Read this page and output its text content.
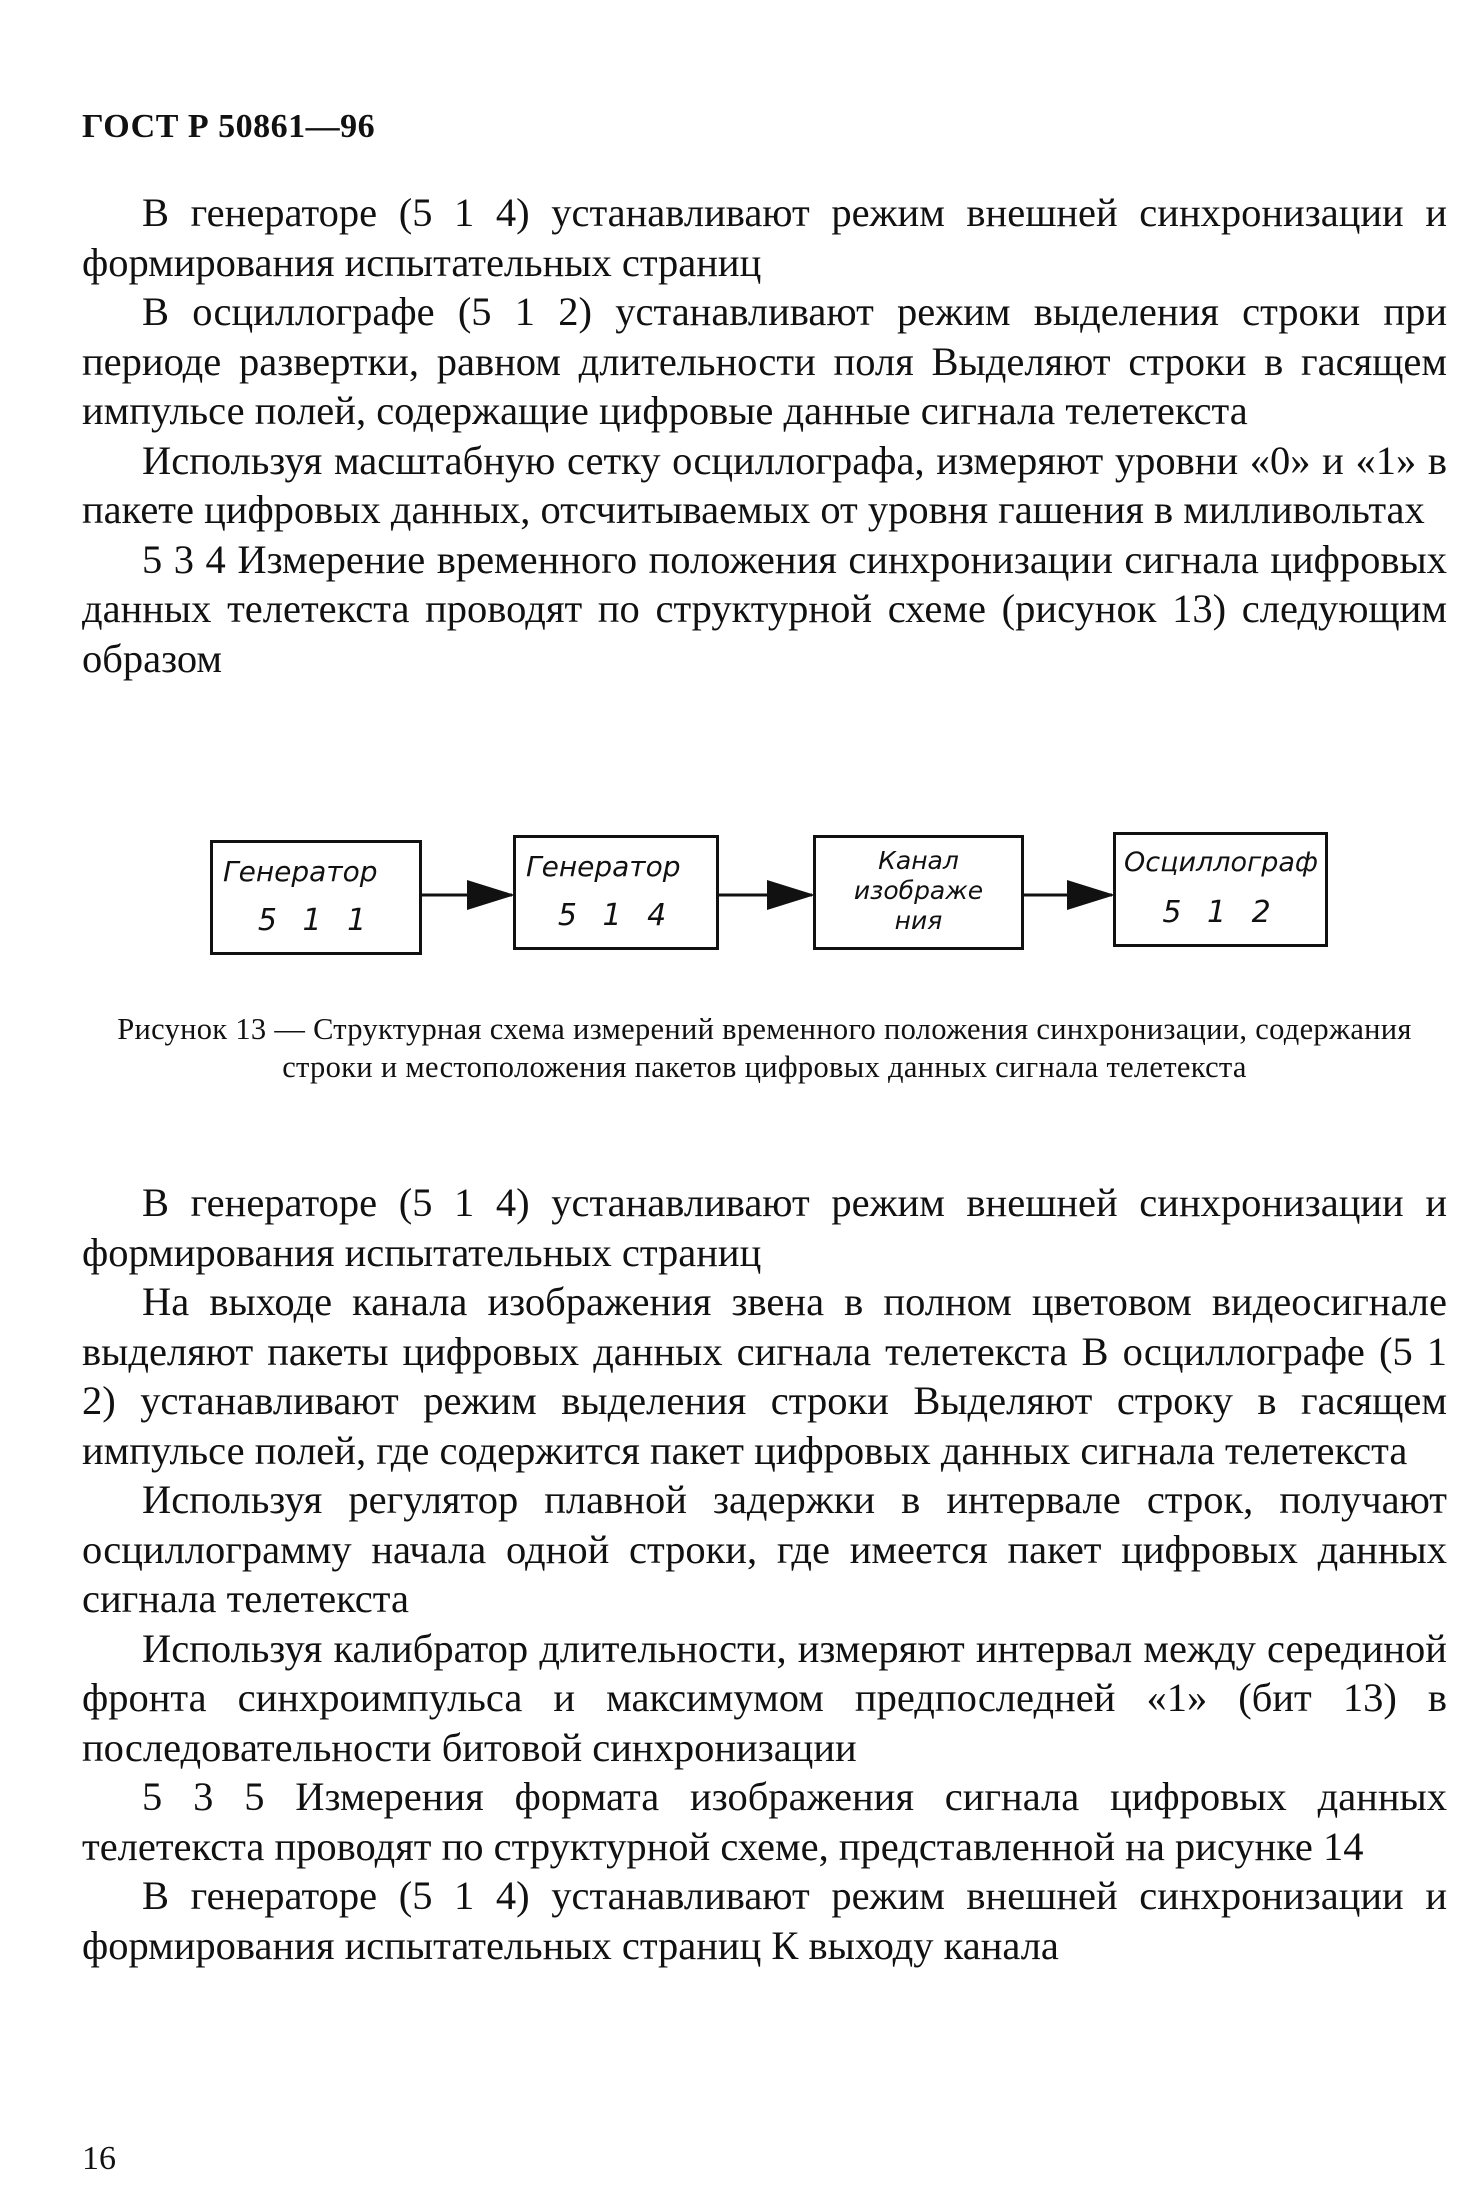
ГОСТ Р 50861—96

В генераторе (5 1 4) устанавливают режим внешней синхронизации и формирования испытательных страниц

В осциллографе (5 1 2) устанавливают режим выделения строки при периоде развертки, равном длительности поля Выделяют строки в гасящем импульсе полей, содержащие цифровые данные сигнала телетекста

Используя масштабную сетку осциллографа, измеряют уровни «0» и «1» в пакете цифровых данных, отсчитываемых от уровня гашения в милливольтах

5 3 4 Измерение временного положения синхронизации сигнала цифровых данных телетекста проводят по структурной схеме (рисунок 13) следующим образом

Генератор
5 1 1
Генератор
5 1 4
Канал
изображе
ния
Осциллограф
5 1 2
Рисунок 13 — Структурная схема измерений временного положения синхронизации, содержания строки и местоположения пакетов цифровых данных сигнала телетекста

В генераторе (5 1 4) устанавливают режим внешней синхронизации и формирования испытательных страниц

На выходе канала изображения звена в полном цветовом видеосигнале выделяют пакеты цифровых данных сигнала телетекста В осциллографе (5 1 2) устанавливают режим выделения строки Выделяют строку в гасящем импульсе полей, где содержится пакет цифровых данных сигнала телетекста

Используя регулятор плавной задержки в интервале строк, получают осциллограмму начала одной строки, где имеется пакет цифровых данных сигнала телетекста

Используя калибратор длительности, измеряют интервал между серединой фронта синхроимпульса и максимумом предпоследней «1» (бит 13) в последовательности битовой синхронизации

5 3 5 Измерения формата изображения сигнала цифровых данных телетекста проводят по структурной схеме, представленной на рисунке 14

В генераторе (5 1 4) устанавливают режим внешней синхронизации и формирования испытательных страниц К выходу канала

16
